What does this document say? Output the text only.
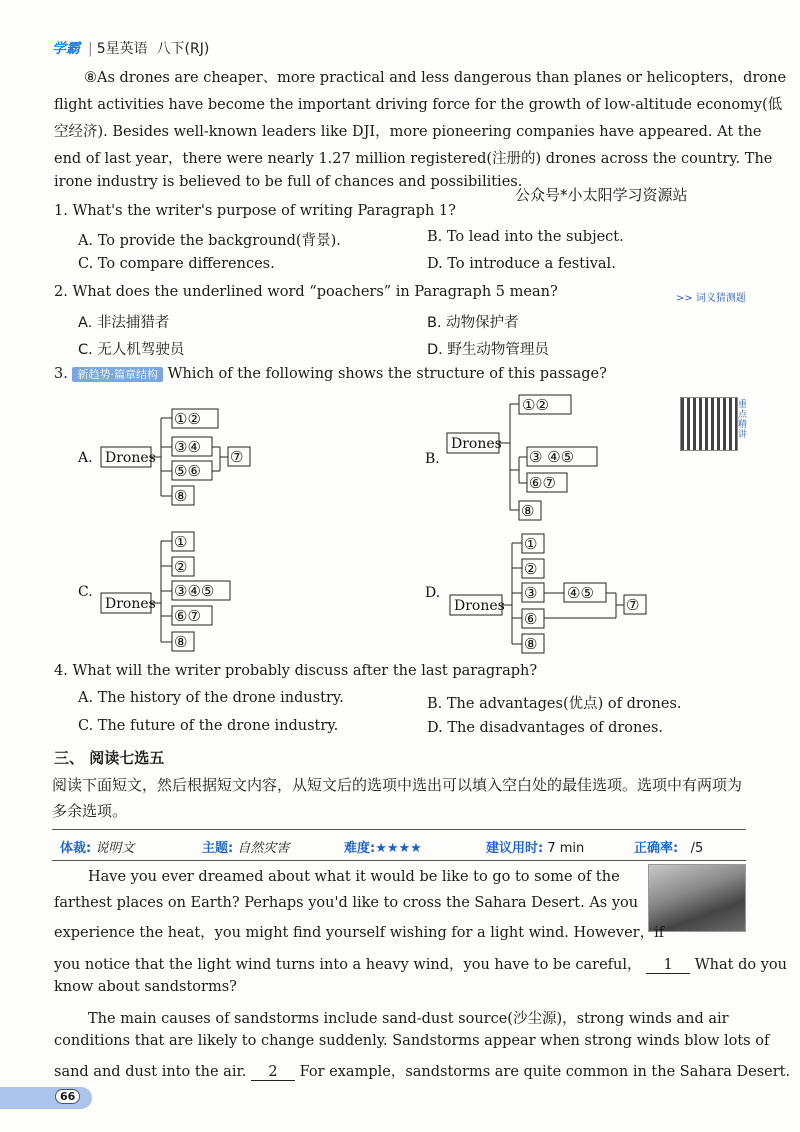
学霸 | 5星英语 八下(RJ)
⑧As drones are cheaper、more practical and less dangerous than planes or helicopters，drone
flight activities have become the important driving force for the growth of low-altitude economy(低
空经济). Besides well-known leaders like DJI，more pioneering companies have appeared. At the
end of last year，there were nearly 1.27 million registered(注册的) drones across the country. The
irone industry is believed to be full of chances and possibilities.
公众号*小太阳学习资源站
1. What's the writer's purpose of writing Paragraph 1?
A. To provide the background(背景).	B. To lead into the subject.
C. To compare differences.	D. To introduce a festival.
2. What does the underlined word “poachers” in Paragraph 5 mean?	>> 词义猜测题
A. 非法捕猎者	B. 动物保护者
C. 无人机驾驶员	D. 野生动物管理员
3. 新趋势·篇章结构 Which of the following shows the structure of this passage?
重点精讲
A.	B.
C.	D.
Drones
Drones
Drones	Drones
①②
③④
⑤⑥
⑦
⑧
①②
③ ④⑤
⑥⑦
⑧
①
②
③④⑤
⑥⑦
⑧
①
②
③ ④⑤
⑥
⑦
⑧
4. What will the writer probably discuss after the last paragraph?
A. The history of the drone industry.	B. The advantages(优点) of drones.
C. The future of the drone industry.	D. The disadvantages of drones.
三、 阅读七选五
阅读下面短文，然后根据短文内容，从短文后的选项中选出可以填入空白处的最佳选项。选项中有两项为多余选项。
体裁: 说明文	主题: 自然灾害	难度:★★★★	建议用时: 7 min	正确率: /5
Have you ever dreamed about what it would be like to go to some of the
farthest places on Earth? Perhaps you'd like to cross the Sahara Desert. As you
experience the heat，you might find yourself wishing for a light wind. However，if
you notice that the light wind turns into a heavy wind，you have to be careful， 1 What do you
know about sandstorms?
The main causes of sandstorms include sand-dust source(沙尘源)，strong winds and air
conditions that are likely to change suddenly. Sandstorms appear when strong winds blow lots of
sand and dust into the air. 2 For example，sandstorms are quite common in the Sahara Desert.
66
